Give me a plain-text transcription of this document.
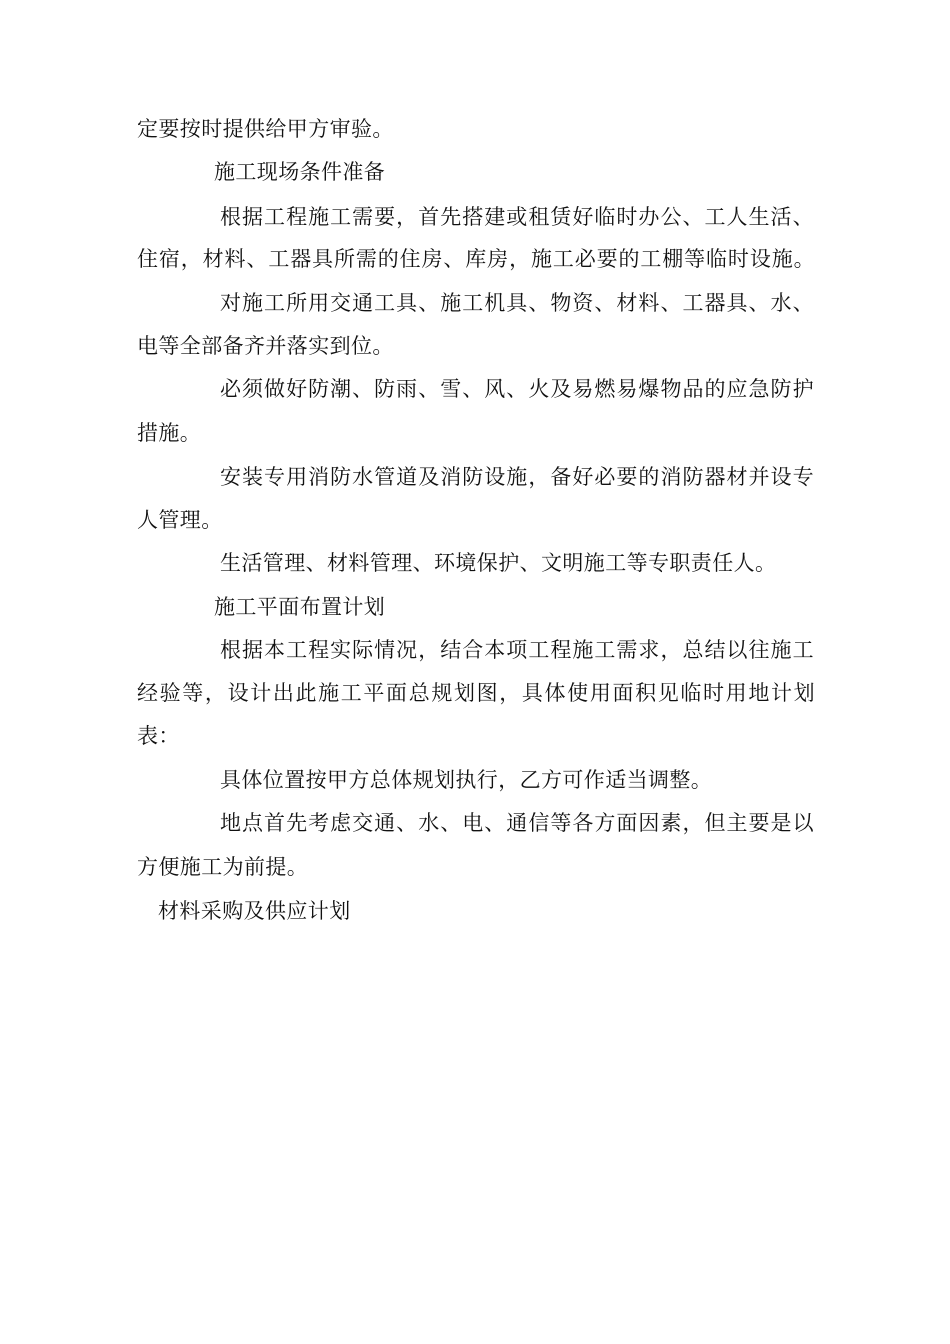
定要按时提供给甲方审验。
施工现场条件准备
根据工程施工需要，首先搭建或租赁好临时办公、工人生活、
住宿，材料、工器具所需的住房、库房，施工必要的工棚等临时设施。
对施工所用交通工具、施工机具、物资、材料、工器具、水、
电等全部备齐并落实到位。
必须做好防潮、防雨、雪、风、火及易燃易爆物品的应急防护
措施。
安装专用消防水管道及消防设施，备好必要的消防器材并设专
人管理。
生活管理、材料管理、环境保护、文明施工等专职责任人。
施工平面布置计划
根据本工程实际情况，结合本项工程施工需求，总结以往施工
经验等，设计出此施工平面总规划图，具体使用面积见临时用地计划
表：
具体位置按甲方总体规划执行，乙方可作适当调整。
地点首先考虑交通、水、电、通信等各方面因素，但主要是以
方便施工为前提。
材料采购及供应计划
